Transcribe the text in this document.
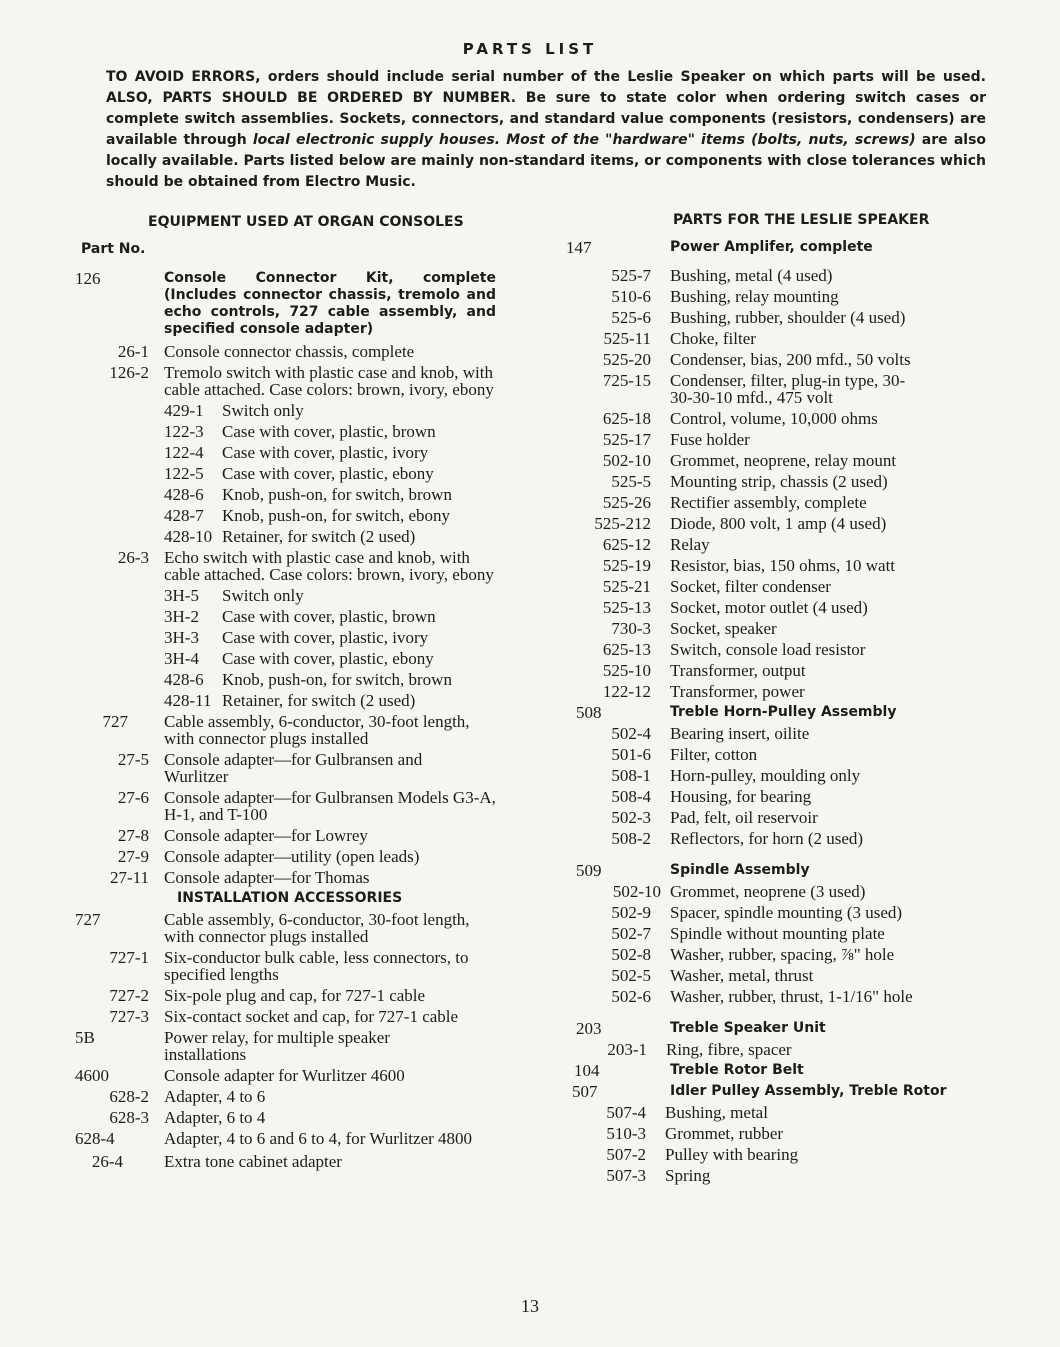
PARTS LIST
TO AVOID ERRORS, orders should include serial number of the Leslie Speaker on which parts will be used. ALSO, PARTS SHOULD BE ORDERED BY NUMBER. Be sure to state color when ordering switch cases or complete switch assemblies. Sockets, connectors, and standard value components (resistors, condensers) are available through local electronic supply houses. Most of the "hardware" items (bolts, nuts, screws) are also locally available. Parts listed below are mainly non-standard items, or components with close tolerances which should be obtained from Electro Music.
EQUIPMENT USED AT ORGAN CONSOLES	PARTS FOR THE LESLIE SPEAKER
Part No.
126	Console Connector Kit, complete (Includes connector chassis, tremolo and echo controls, 727 cable assembly, and specified console adapter)
26-1 Console connector chassis, complete
126-2 Tremolo switch with plastic case and knob, with cable attached. Case colors: brown, ivory, ebony
429-1 Switch only
122-3 Case with cover, plastic, brown
122-4 Case with cover, plastic, ivory
122-5 Case with cover, plastic, ebony
428-6 Knob, push-on, for switch, brown
428-7 Knob, push-on, for switch, ebony
428-10 Retainer, for switch (2 used)
26-3 Echo switch with plastic case and knob, with cable attached. Case colors: brown, ivory, ebony
3H-5 Switch only
3H-2 Case with cover, plastic, brown
3H-3 Case with cover, plastic, ivory
3H-4 Case with cover, plastic, ebony
428-6 Knob, push-on, for switch, brown
428-11 Retainer, for switch (2 used)
727 Cable assembly, 6-conductor, 30-foot length, with connector plugs installed
27-5 Console adapter—for Gulbransen and Wurlitzer
27-6 Console adapter—for Gulbransen Models G3-A, H-1, and T-100
27-8 Console adapter—for Lowrey
27-9 Console adapter—utility (open leads)
27-11 Console adapter—for Thomas
INSTALLATION ACCESSORIES
727	Cable assembly, 6-conductor, 30-foot length, with connector plugs installed
727-1 Six-conductor bulk cable, less connectors, to specified lengths
727-2 Six-pole plug and cap, for 727-1 cable
727-3 Six-contact socket and cap, for 727-1 cable
5B	Power relay, for multiple speaker installations
4600	Console adapter for Wurlitzer 4600
628-2 Adapter, 4 to 6
628-3 Adapter, 6 to 4
628-4	Adapter, 4 to 6 and 6 to 4, for Wurlitzer 4800
26-4 Extra tone cabinet adapter
147	Power Amplifer, complete
525-7 Bushing, metal (4 used)
510-6 Bushing, relay mounting
525-6 Bushing, rubber, shoulder (4 used)
525-11 Choke, filter
525-20 Condenser, bias, 200 mfd., 50 volts
725-15 Condenser, filter, plug-in type, 30-30-30-10 mfd., 475 volt
625-18 Control, volume, 10,000 ohms
525-17 Fuse holder
502-10 Grommet, neoprene, relay mount
525-5 Mounting strip, chassis (2 used)
525-26 Rectifier assembly, complete
525-212 Diode, 800 volt, 1 amp (4 used)
625-12 Relay
525-19 Resistor, bias, 150 ohms, 10 watt
525-21 Socket, filter condenser
525-13 Socket, motor outlet (4 used)
730-3 Socket, speaker
625-13 Switch, console load resistor
525-10 Transformer, output
122-12 Transformer, power
508	Treble Horn-Pulley Assembly
502-4 Bearing insert, oilite
501-6 Filter, cotton
508-1 Horn-pulley, moulding only
508-4 Housing, for bearing
502-3 Pad, felt, oil reservoir
508-2 Reflectors, for horn (2 used)
509	Spindle Assembly
502-10 Grommet, neoprene (3 used)
502-9 Spacer, spindle mounting (3 used)
502-7 Spindle without mounting plate
502-8 Washer, rubber, spacing, ⅞" hole
502-5 Washer, metal, thrust
502-6 Washer, rubber, thrust, 1-1/16" hole
203	Treble Speaker Unit
203-1 Ring, fibre, spacer
104	Treble Rotor Belt
507	Idler Pulley Assembly, Treble Rotor
507-4 Bushing, metal
510-3 Grommet, rubber
507-2 Pulley with bearing
507-3 Spring
13
